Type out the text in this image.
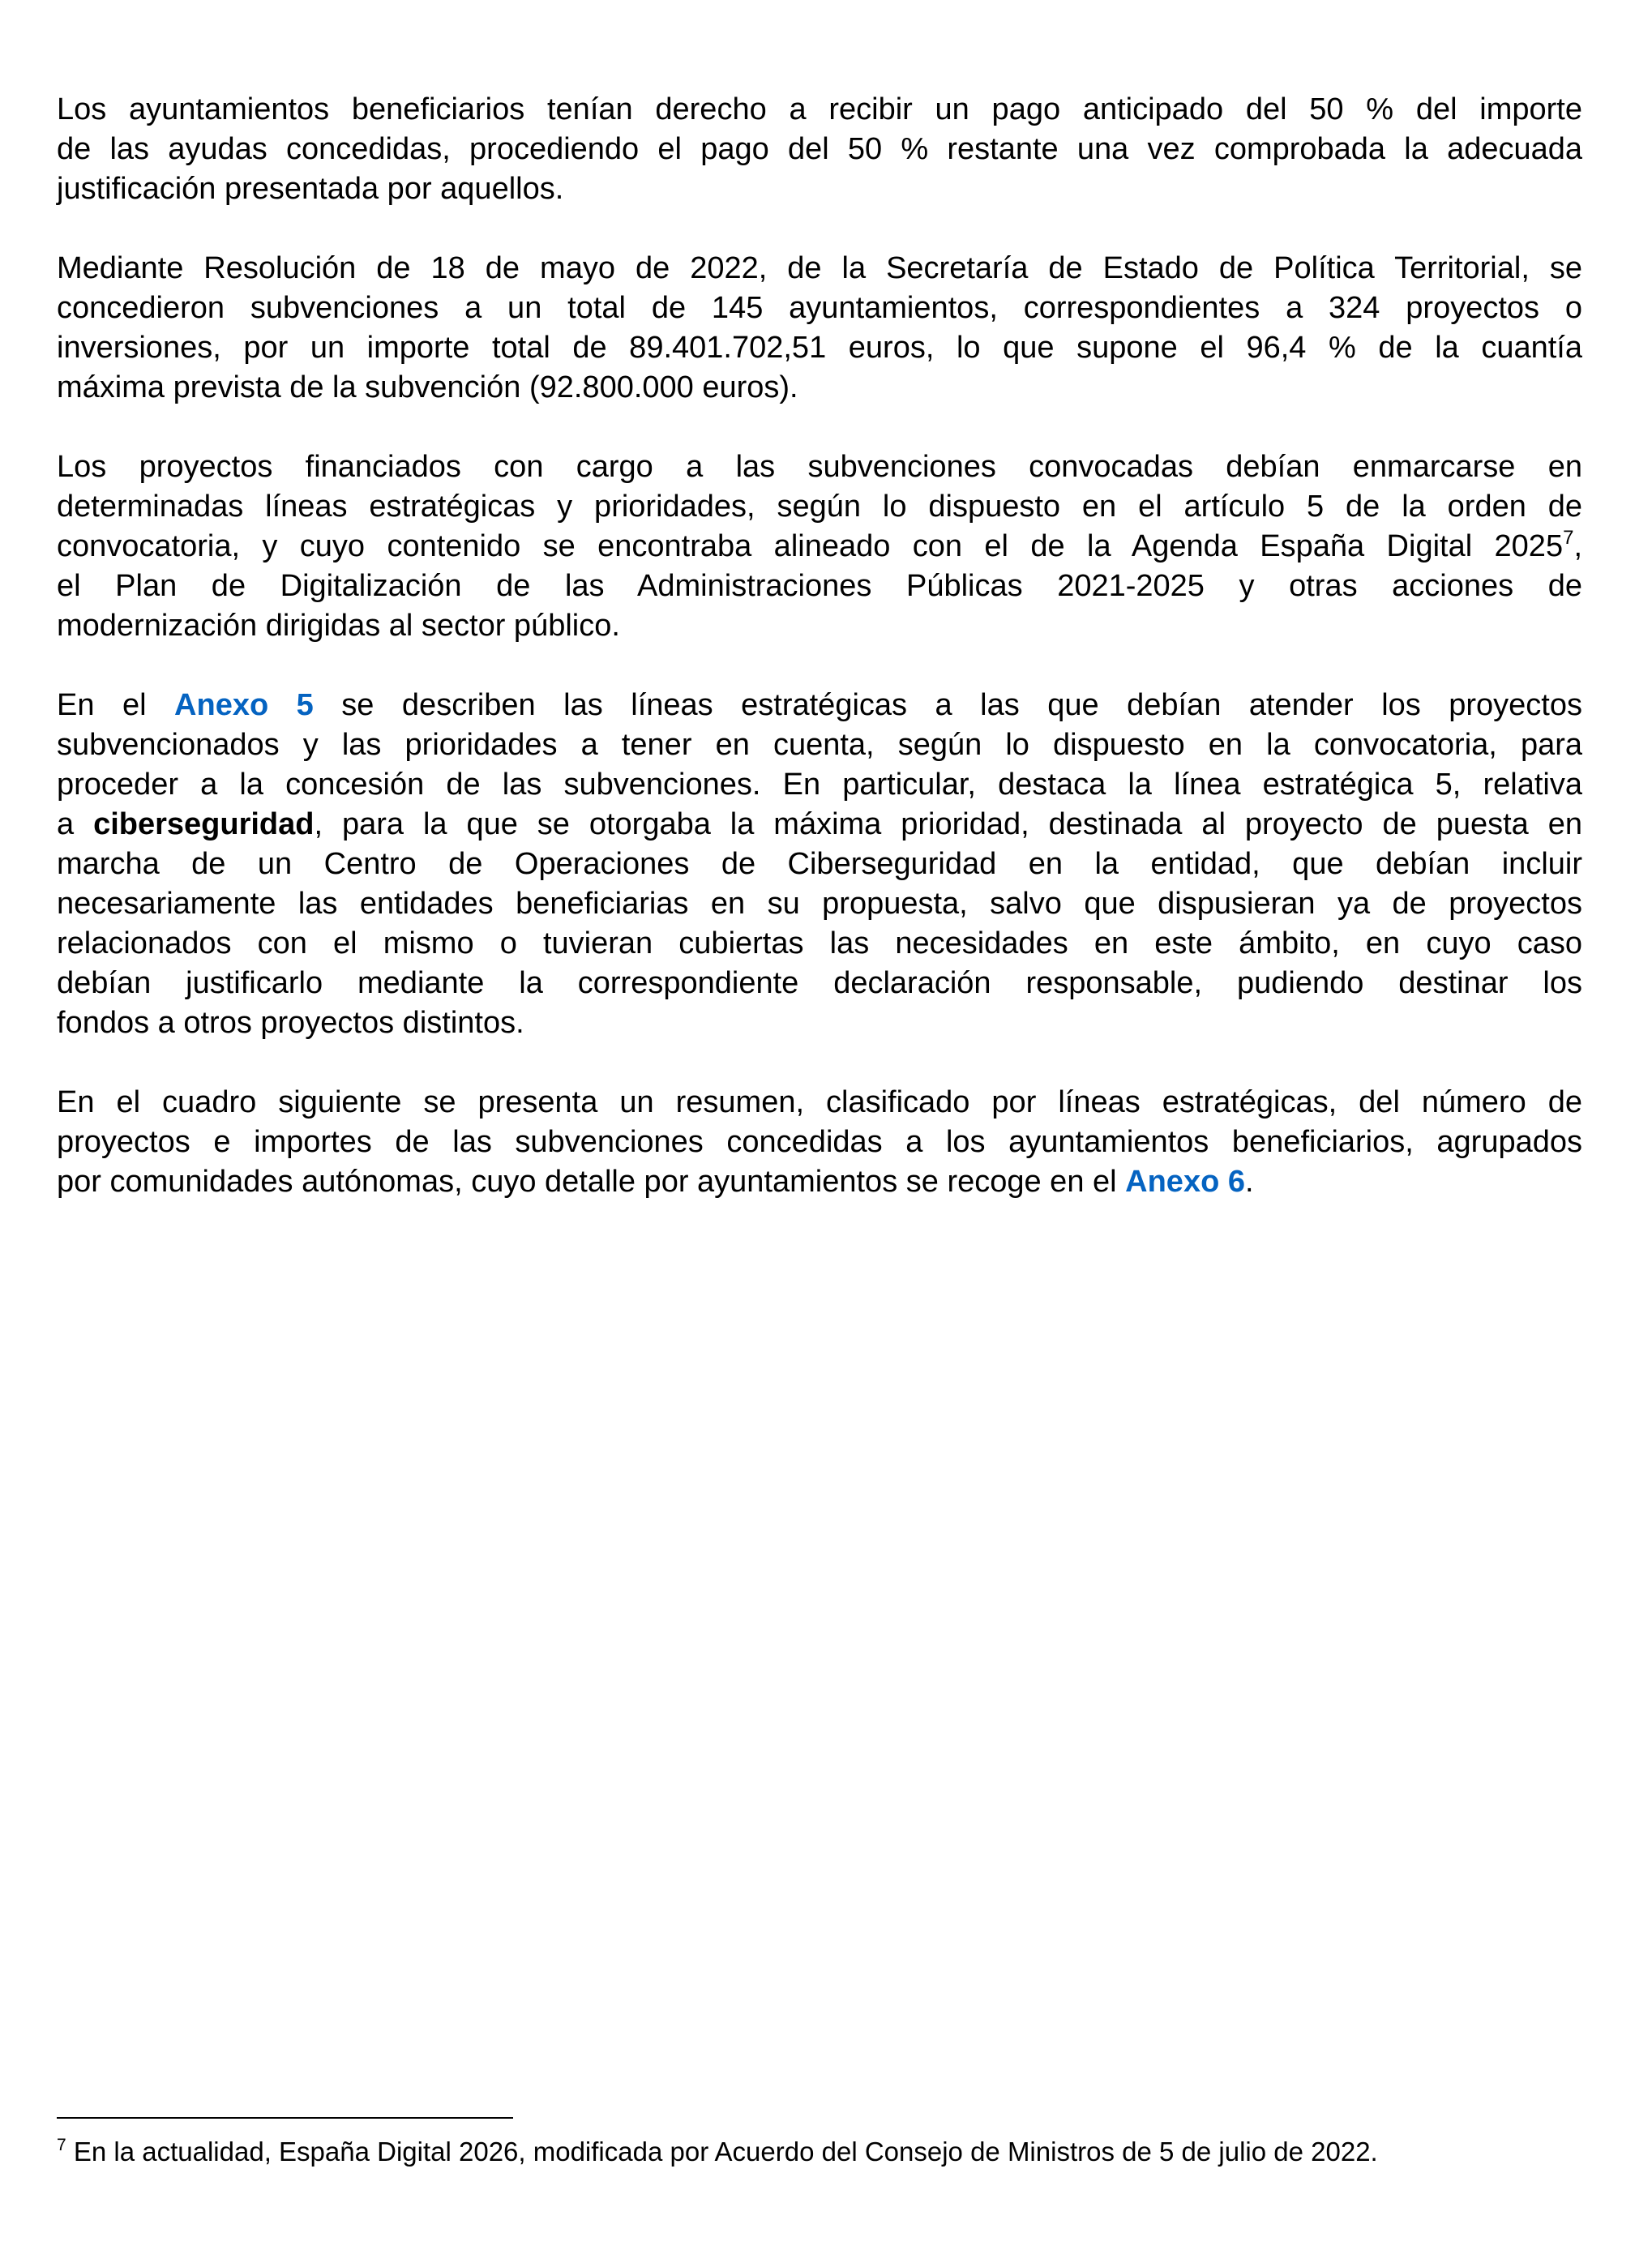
Los ayuntamientos beneficiarios tenían derecho a recibir un pago anticipado del 50 % del importe
de las ayudas concedidas, procediendo el pago del 50 % restante una vez comprobada la adecuada
justificación presentada por aquellos.
Mediante Resolución de 18 de mayo de 2022, de la Secretaría de Estado de Política Territorial, se
concedieron subvenciones a un total de 145 ayuntamientos, correspondientes a 324 proyectos o
inversiones, por un importe total de 89.401.702,51 euros, lo que supone el 96,4 % de la cuantía
máxima prevista de la subvención (92.800.000 euros).
Los proyectos financiados con cargo a las subvenciones convocadas debían enmarcarse en
determinadas líneas estratégicas y prioridades, según lo dispuesto en el artículo 5 de la orden de
convocatoria, y cuyo contenido se encontraba alineado con el de la Agenda España Digital 2025$^7$,
el Plan de Digitalización de las Administraciones Públicas 2021-2025 y otras acciones de
modernización dirigidas al sector público.
En el Anexo 5 se describen las líneas estratégicas a las que debían atender los proyectos
subvencionados y las prioridades a tener en cuenta, según lo dispuesto en la convocatoria, para
proceder a la concesión de las subvenciones. En particular, destaca la línea estratégica 5, relativa
a ciberseguridad, para la que se otorgaba la máxima prioridad, destinada al proyecto de puesta en
marcha de un Centro de Operaciones de Ciberseguridad en la entidad, que debían incluir
necesariamente las entidades beneficiarias en su propuesta, salvo que dispusieran ya de proyectos
relacionados con el mismo o tuvieran cubiertas las necesidades en este ámbito, en cuyo caso
debían justificarlo mediante la correspondiente declaración responsable, pudiendo destinar los
fondos a otros proyectos distintos.
En el cuadro siguiente se presenta un resumen, clasificado por líneas estratégicas, del número de
proyectos e importes de las subvenciones concedidas a los ayuntamientos beneficiarios, agrupados
por comunidades autónomas, cuyo detalle por ayuntamientos se recoge en el Anexo 6.
$^7$ En la actualidad, España Digital 2026, modificada por Acuerdo del Consejo de Ministros de 5 de julio de 2022.
